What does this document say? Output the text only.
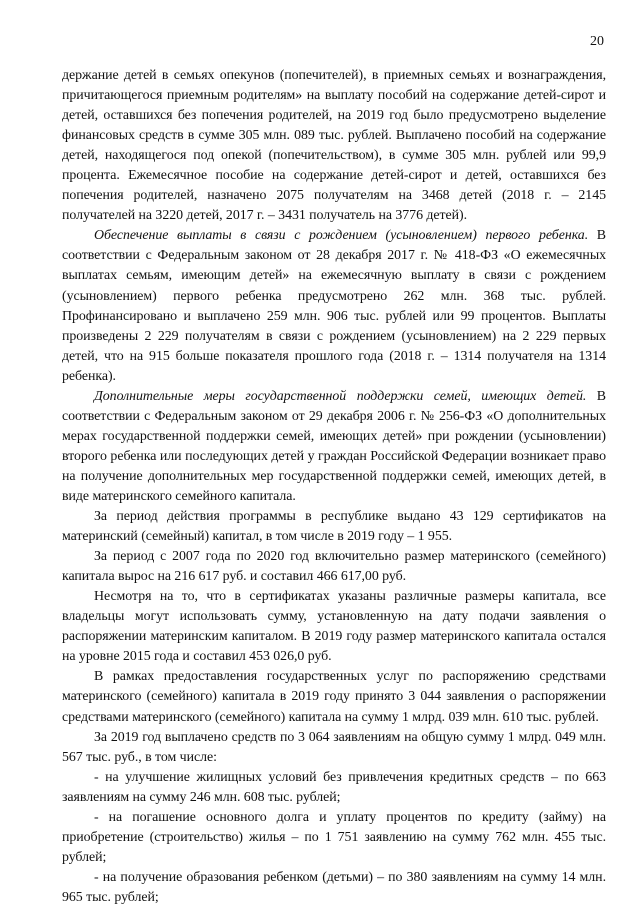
20

держание детей в семьях опекунов (попечителей), в приемных семьях и вознаграждения, причитающегося приемным родителям» на выплату пособий на содержание детей-сирот и детей, оставшихся без попечения родителей, на 2019 год было предусмотрено выделение финансовых средств в сумме 305 млн. 089 тыс. рублей. Выплачено пособий на содержание детей, находящегося под опекой (попечительством), в сумме 305 млн. рублей или 99,9 процента. Ежемесячное пособие на содержание детей-сирот и детей, оставшихся без попечения родителей, назначено 2075 получателям на 3468 детей (2018 г. – 2145 получателей на 3220 детей, 2017 г. – 3431 получатель на 3776 детей).

Обеспечение выплаты в связи с рождением (усыновлением) первого ребенка. В соответствии с Федеральным законом от 28 декабря 2017 г. № 418-ФЗ «О ежемесячных выплатах семьям, имеющим детей» на ежемесячную выплату в связи с рождением (усыновлением) первого ребенка предусмотрено 262 млн. 368 тыс. рублей. Профинансировано и выплачено 259 млн. 906 тыс. рублей или 99 процентов. Выплаты произведены 2 229 получателям в связи с рождением (усыновлением) на 2 229 первых детей, что на 915 больше показателя прошлого года (2018 г. – 1314 получателя на 1314 ребенка).

Дополнительные меры государственной поддержки семей, имеющих детей. В соответствии с Федеральным законом от 29 декабря 2006 г. № 256-ФЗ «О дополнительных мерах государственной поддержки семей, имеющих детей» при рождении (усыновлении) второго ребенка или последующих детей у граждан Российской Федерации возникает право на получение дополнительных мер государственной поддержки семей, имеющих детей, в виде материнского семейного капитала.

За период действия программы в республике выдано 43 129 сертификатов на материнский (семейный) капитал, в том числе в 2019 году – 1 955.

За период с 2007 года по 2020 год включительно размер материнского (семейного) капитала вырос на 216 617 руб. и составил 466 617,00 руб.

Несмотря на то, что в сертификатах указаны различные размеры капитала, все владельцы могут использовать сумму, установленную на дату подачи заявления о распоряжении материнским капиталом. В 2019 году размер материнского капитала остался на уровне 2015 года и составил 453 026,0 руб.

В рамках предоставления государственных услуг по распоряжению средствами материнского (семейного) капитала в 2019 году принято 3 044 заявления о распоряжении средствами материнского (семейного) капитала на сумму 1 млрд. 039 млн. 610 тыс. рублей.

За 2019 год выплачено средств по 3 064 заявлениям на общую сумму 1 млрд. 049 млн. 567 тыс. руб., в том числе:

- на улучшение жилищных условий без привлечения кредитных средств – по 663 заявлениям на сумму 246 млн. 608 тыс. рублей;

- на погашение основного долга и уплату процентов по кредиту (займу) на приобретение (строительство) жилья – по 1 751 заявлению на сумму 762 млн. 455 тыс. рублей;

- на получение образования ребенком (детьми) – по 380 заявлениям на сумму 14 млн. 965 тыс. рублей;
